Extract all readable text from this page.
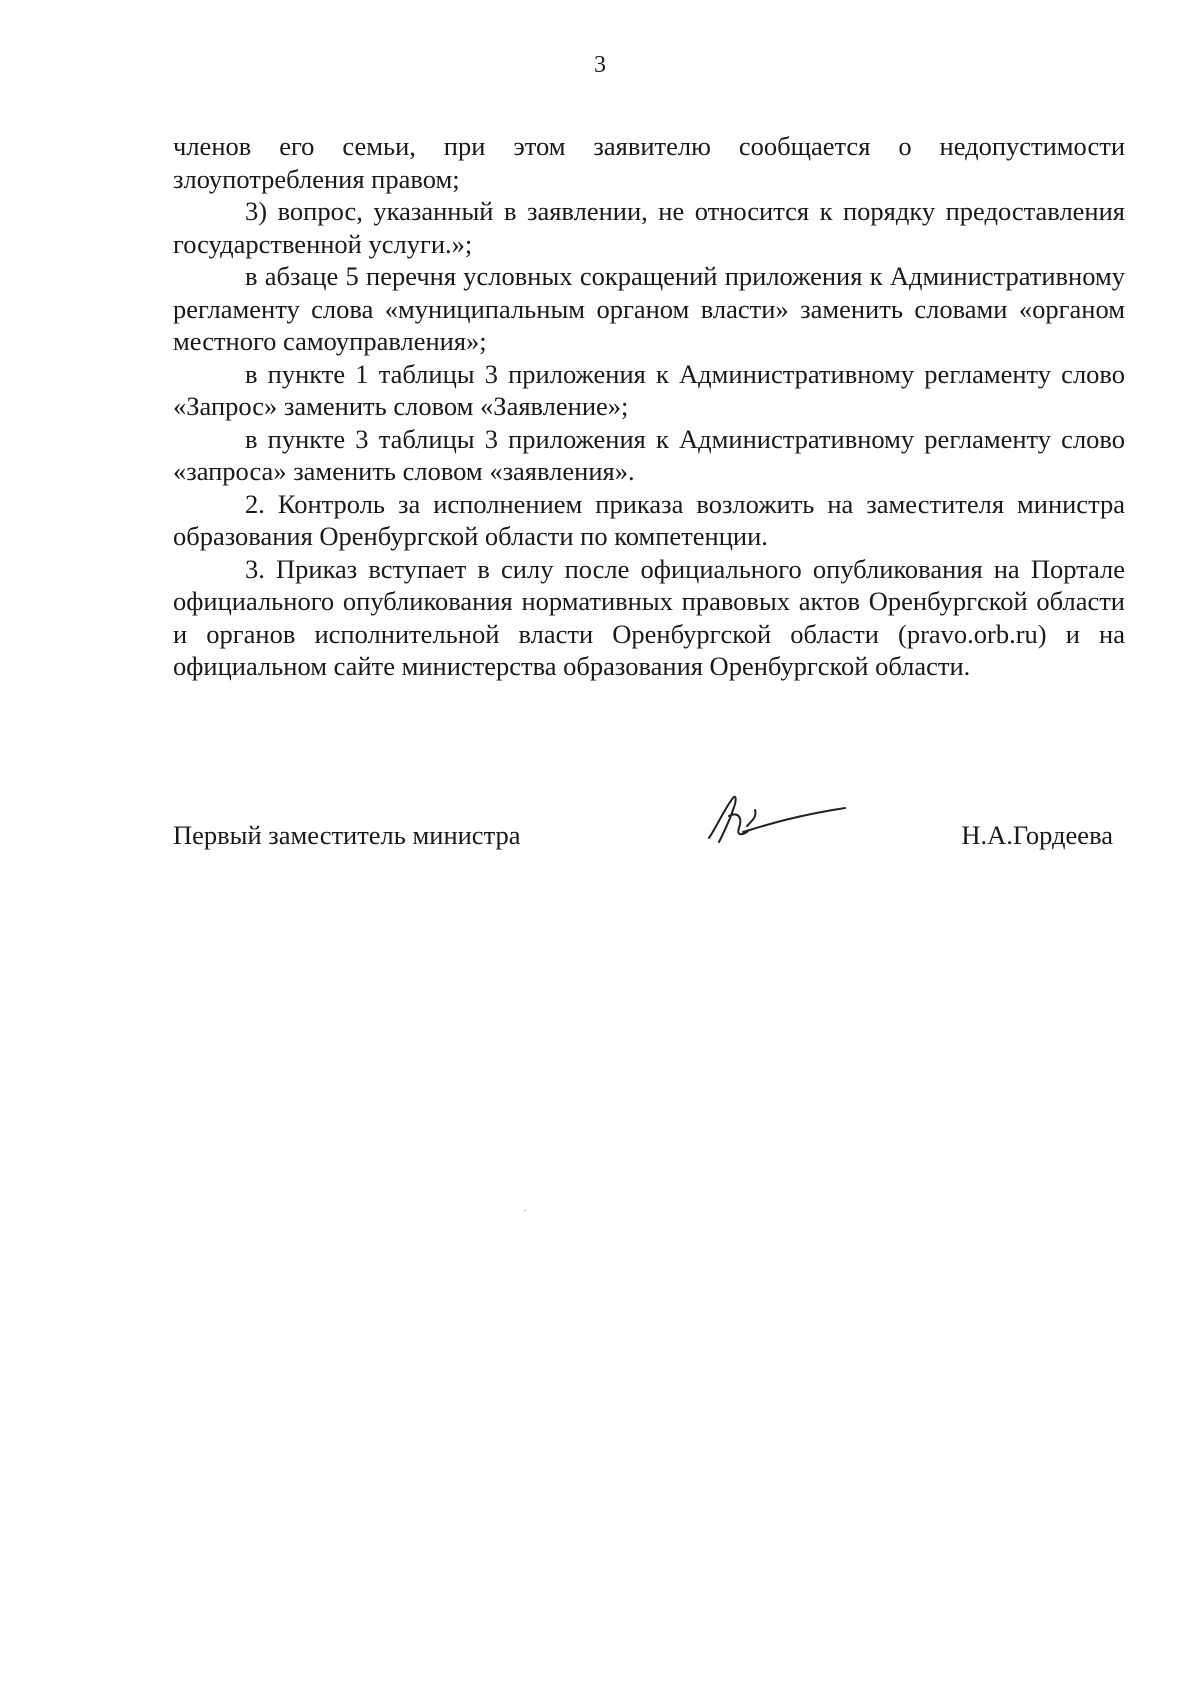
3

членов его семьи, при этом заявителю сообщается о недопустимости злоупотребления правом;

3) вопрос, указанный в заявлении, не относится к порядку предоставления государственной услуги.»;

в абзаце 5 перечня условных сокращений приложения к Административному регламенту слова «муниципальным органом власти» заменить словами «органом местного самоуправления»;

в пункте 1 таблицы 3 приложения к Административному регламенту слово «Запрос» заменить словом «Заявление»;

в пункте 3 таблицы 3 приложения к Административному регламенту слово «запроса» заменить словом «заявления».

2. Контроль за исполнением приказа возложить на заместителя министра образования Оренбургской области по компетенции.

3. Приказ вступает в силу после официального опубликования на Портале официального опубликования нормативных правовых актов Оренбургской области и органов исполнительной власти Оренбургской области (pravo.orb.ru) и на официальном сайте министерства образования Оренбургской области.

Первый заместитель министра	Н.А.Гордеева
